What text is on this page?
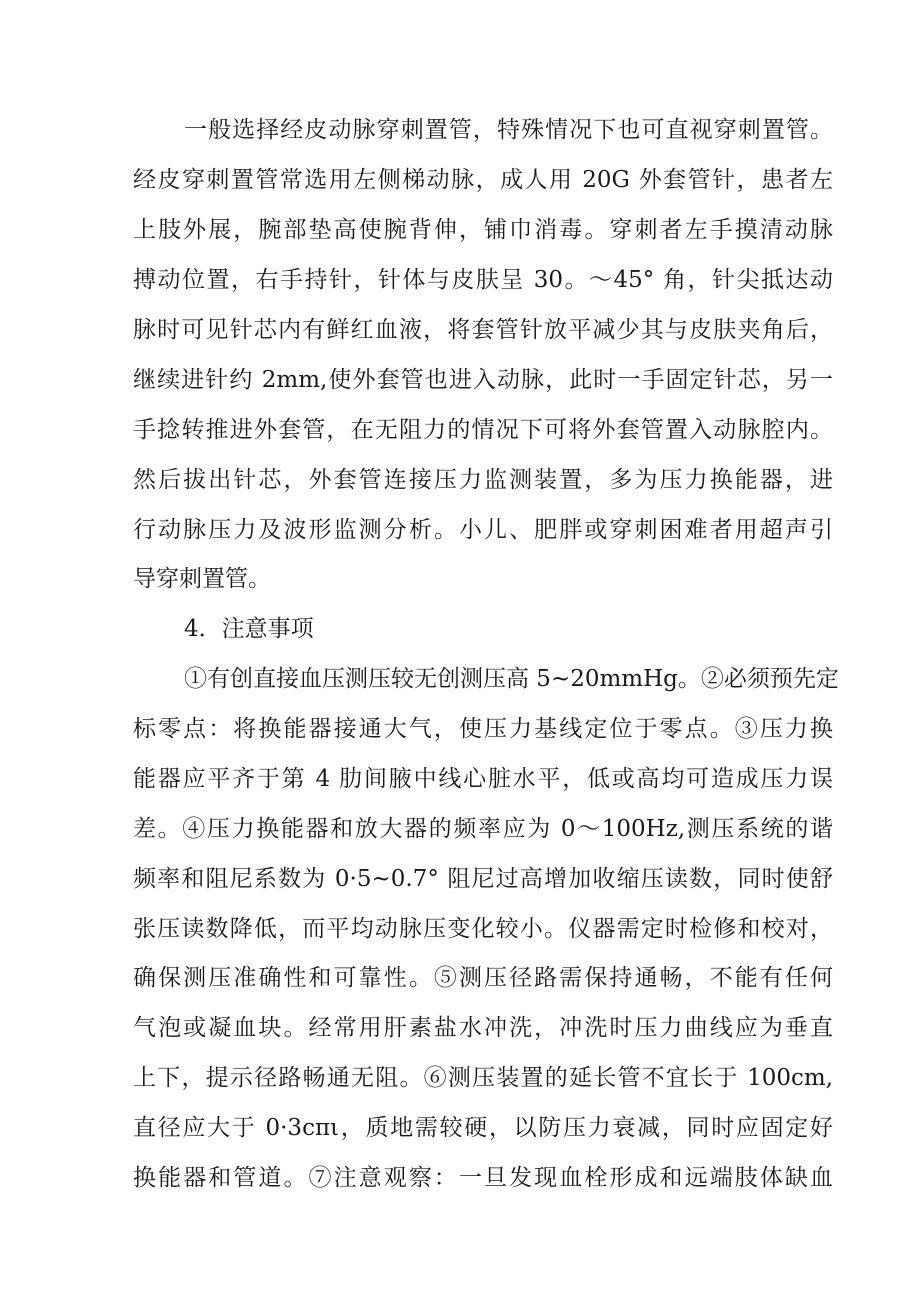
一般选择经皮动脉穿刺置管，特殊情况下也可直视穿刺置管。
经皮穿刺置管常选用左侧梯动脉，成人用 20G 外套管针，患者左
上肢外展，腕部垫高使腕背伸，铺巾消毒。穿刺者左手摸清动脉
搏动位置，右手持针，针体与皮肤呈 30。～45° 角，针尖抵达动
脉时可见针芯内有鲜红血液，将套管针放平减少其与皮肤夹角后，
继续进针约 2mm,使外套管也进入动脉，此时一手固定针芯，另一
手捻转推进外套管，在无阻力的情况下可将外套管置入动脉腔内。
然后拔出针芯，外套管连接压力监测装置，多为压力换能器，进
行动脉压力及波形监测分析。小儿、肥胖或穿刺困难者用超声引
导穿刺置管。
4．注意事项
①有创直接血压测压较无创测压高 5~20mmHg。②必须预先定
标零点：将换能器接通大气，使压力基线定位于零点。③压力换
能器应平齐于第 4 肋间腋中线心脏水平，低或高均可造成压力误
差。④压力换能器和放大器的频率应为 0～100Hz,测压系统的谐
频率和阻尼系数为 0·5~0.7° 阻尼过高增加收缩压读数，同时使舒
张压读数降低，而平均动脉压变化较小。仪器需定时检修和校对，
确保测压准确性和可靠性。⑤测压径路需保持通畅，不能有任何
气泡或凝血块。经常用肝素盐水冲洗，冲洗时压力曲线应为垂直
上下，提示径路畅通无阻。⑥测压装置的延长管不宜长于 100cm,
直径应大于 0·3cπι，质地需较硬，以防压力衰减，同时应固定好
换能器和管道。⑦注意观察：一旦发现血栓形成和远端肢体缺血
